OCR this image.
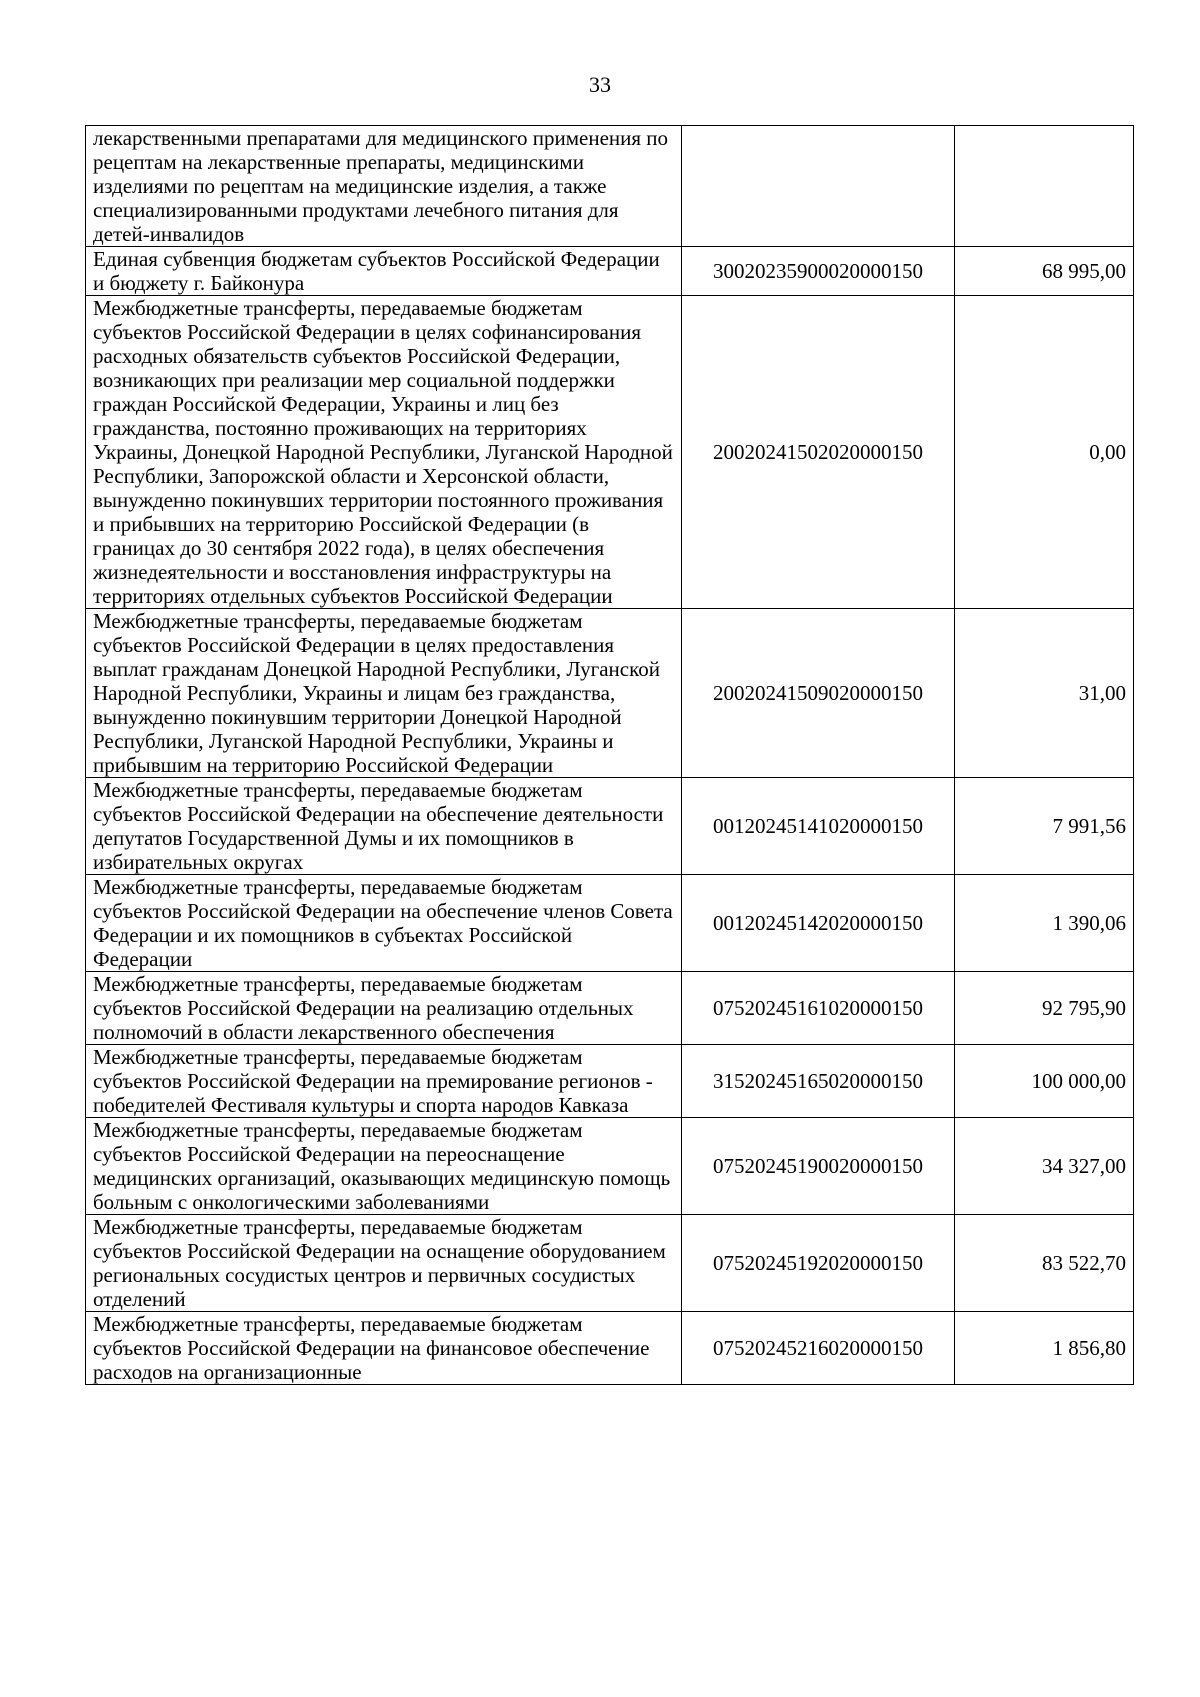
33
лекарственными препаратами для медицинского применения по рецептам на лекарственные препараты, медицинскими изделиями по рецептам на медицинские изделия, а также специализированными продуктами лечебного питания для детей-инвалидов		
Единая субвенция бюджетам субъектов Российской Федерации и бюджету г. Байконура	30020235900020000150	68 995,00
Межбюджетные трансферты, передаваемые бюджетам субъектов Российской Федерации в целях софинансирования расходных обязательств субъектов Российской Федерации, возникающих при реализации мер социальной поддержки граждан Российской Федерации, Украины и лиц без гражданства, постоянно проживающих на территориях Украины, Донецкой Народной Республики, Луганской Народной Республики, Запорожской области и Херсонской области, вынужденно покинувших территории постоянного проживания и прибывших на территорию Российской Федерации (в границах до 30 сентября 2022 года), в целях обеспечения жизнедеятельности и восстановления инфраструктуры на территориях отдельных субъектов Российской Федерации	20020241502020000150	0,00
Межбюджетные трансферты, передаваемые бюджетам субъектов Российской Федерации в целях предоставления выплат гражданам Донецкой Народной Республики, Луганской Народной Республики, Украины и лицам без гражданства, вынужденно покинувшим территории Донецкой Народной Республики, Луганской Народной Республики, Украины и прибывшим на территорию Российской Федерации	20020241509020000150	31,00
Межбюджетные трансферты, передаваемые бюджетам субъектов Российской Федерации на обеспечение деятельности депутатов Государственной Думы и их помощников в избирательных округах	00120245141020000150	7 991,56
Межбюджетные трансферты, передаваемые бюджетам субъектов Российской Федерации на обеспечение членов Совета Федерации и их помощников в субъектах Российской Федерации	00120245142020000150	1 390,06
Межбюджетные трансферты, передаваемые бюджетам субъектов Российской Федерации на реализацию отдельных полномочий в области лекарственного обеспечения	07520245161020000150	92 795,90
Межбюджетные трансферты, передаваемые бюджетам субъектов Российской Федерации на премирование регионов - победителей Фестиваля культуры и спорта народов Кавказа	31520245165020000150	100 000,00
Межбюджетные трансферты, передаваемые бюджетам субъектов Российской Федерации на переоснащение медицинских организаций, оказывающих медицинскую помощь больным с онкологическими заболеваниями	07520245190020000150	34 327,00
Межбюджетные трансферты, передаваемые бюджетам субъектов Российской Федерации на оснащение оборудованием региональных сосудистых центров и первичных сосудистых отделений	07520245192020000150	83 522,70
Межбюджетные трансферты, передаваемые бюджетам субъектов Российской Федерации на финансовое обеспечение расходов на организационные	07520245216020000150	1 856,80
